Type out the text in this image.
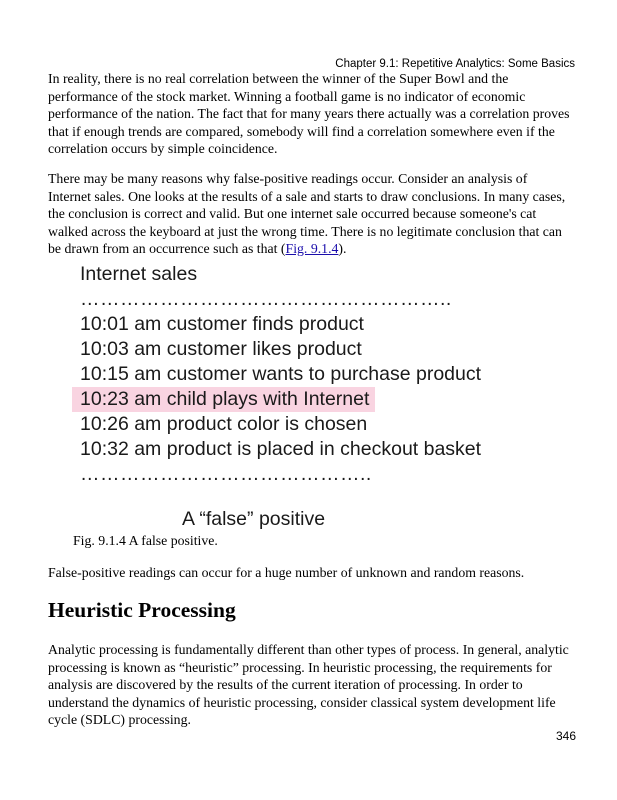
Chapter 9.1: Repetitive Analytics: Some Basics

In reality, there is no real correlation between the winner of the Super Bowl and the performance of the stock market. Winning a football game is no indicator of economic performance of the nation. The fact that for many years there actually was a correlation proves that if enough trends are compared, somebody will find a correlation somewhere even if the correlation occurs by simple coincidence.

There may be many reasons why false-positive readings occur. Consider an analysis of Internet sales. One looks at the results of a sale and starts to draw conclusions. In many cases, the conclusion is correct and valid. But one internet sale occurred because someone's cat walked across the keyboard at just the wrong time. There is no legitimate conclusion that can be drawn from an occurrence such as that (Fig. 9.1.4).

Internet sales
………………………………………………..
10:01 am customer finds product
10:03 am customer likes product
10:15 am customer wants to purchase product
10:23 am child plays with Internet
10:26 am product color is chosen
10:32 am product is placed in checkout basket
……………………………………..
A “false” positive
Fig. 9.1.4 A false positive.

False-positive readings can occur for a huge number of unknown and random reasons.

Heuristic Processing

Analytic processing is fundamentally different than other types of process. In general, analytic processing is known as “heuristic” processing. In heuristic processing, the requirements for analysis are discovered by the results of the current iteration of processing. In order to understand the dynamics of heuristic processing, consider classical system development life cycle (SDLC) processing.

346
